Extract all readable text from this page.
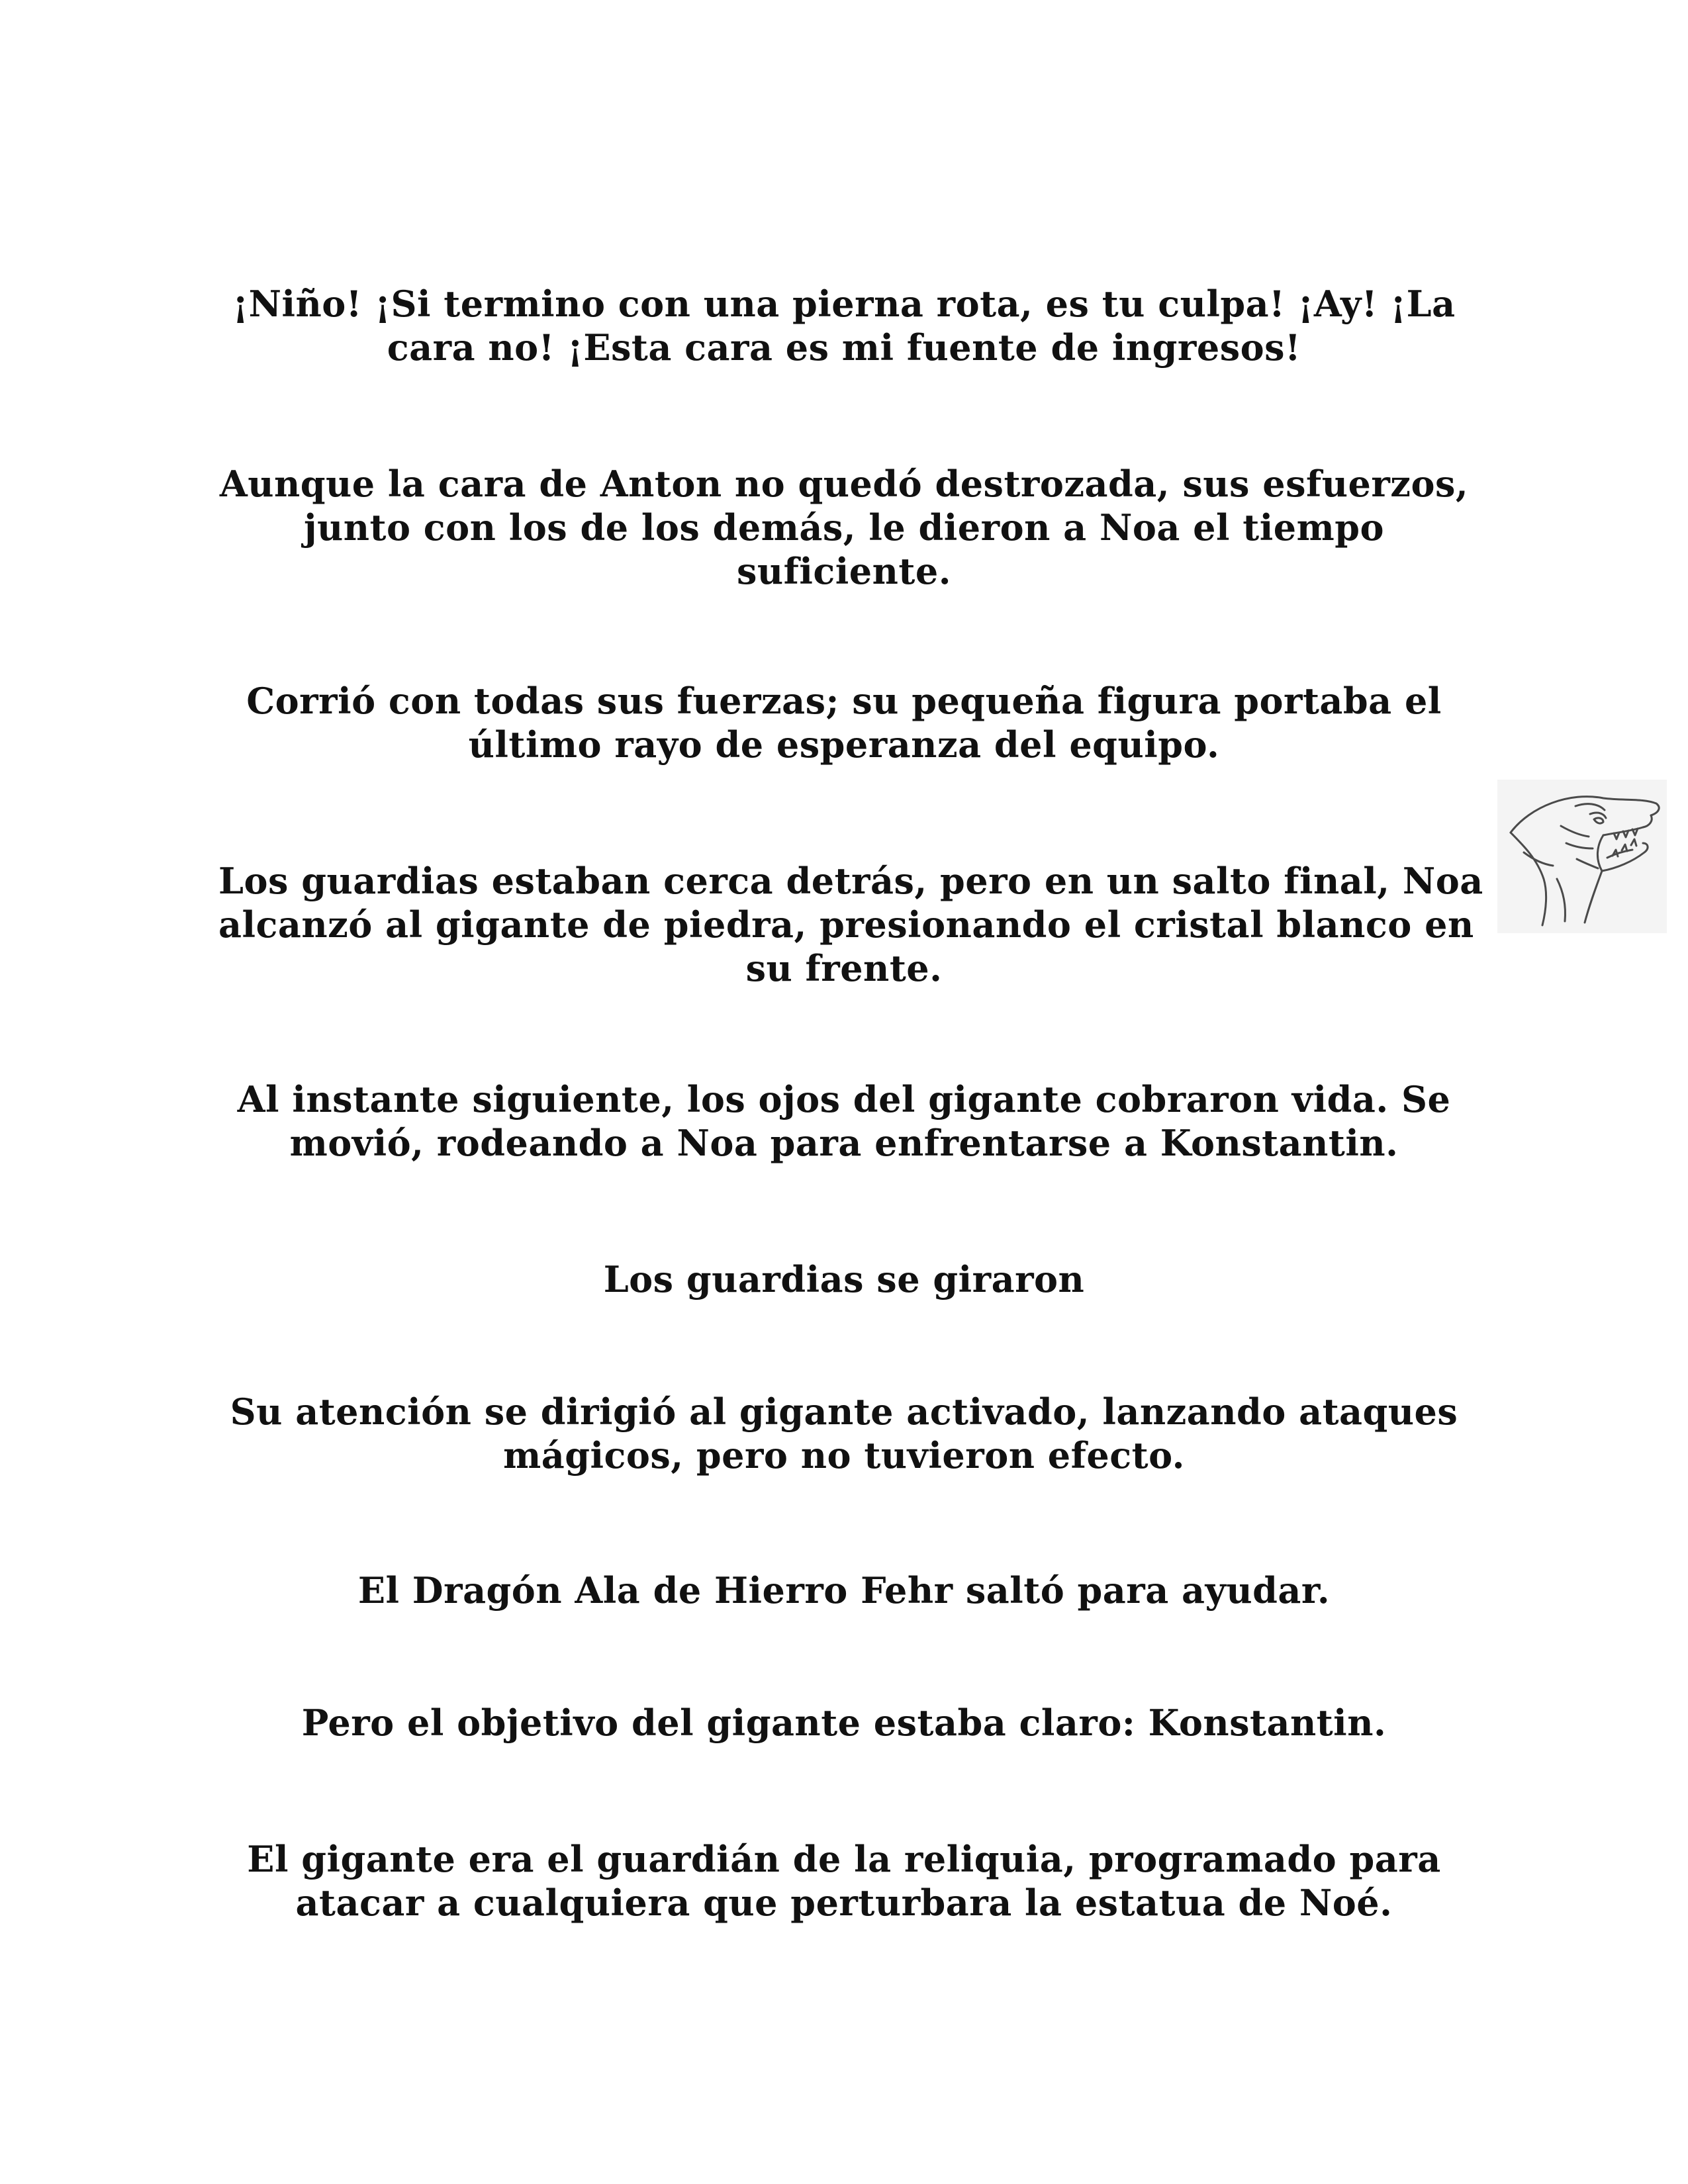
¡Niño! ¡Si termino con una pierna rota, es tu culpa! ¡Ay! ¡La
cara no! ¡Esta cara es mi fuente de ingresos!

Aunque la cara de Anton no quedó destrozada, sus esfuerzos,
junto con los de los demás, le dieron a Noa el tiempo
suficiente.

Corrió con todas sus fuerzas; su pequeña figura portaba el
último rayo de esperanza del equipo.

Los guardias estaban cerca detrás, pero en un salto final, Noa
alcanzó al gigante de piedra, presionando el cristal blanco en
su frente.

Al instante siguiente, los ojos del gigante cobraron vida. Se
movió, rodeando a Noa para enfrentarse a Konstantin.

Los guardias se giraron

Su atención se dirigió al gigante activado, lanzando ataques
mágicos, pero no tuvieron efecto.

El Dragón Ala de Hierro Fehr saltó para ayudar.

Pero el objetivo del gigante estaba claro: Konstantin.

El gigante era el guardián de la reliquia, programado para
atacar a cualquiera que perturbara la estatua de Noé.
